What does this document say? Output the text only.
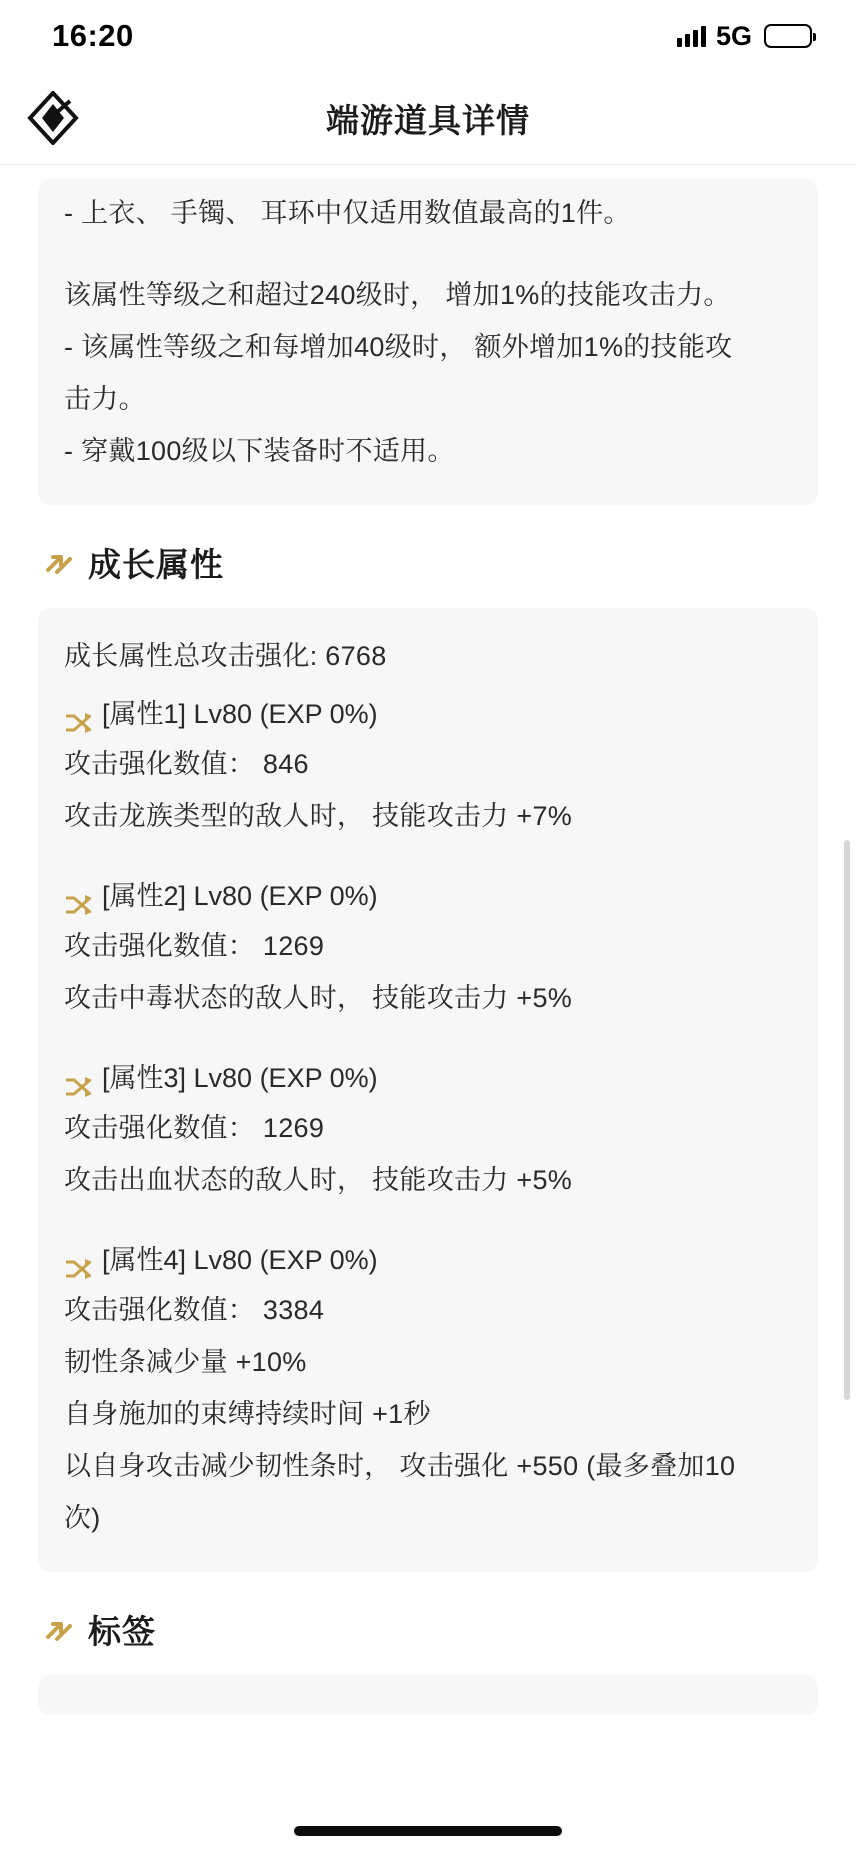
16:20	5G
端游道具详情
- 上衣、 手镯、 耳环中仅适用数值最高的1件。
该属性等级之和超过240级时， 增加1%的技能攻击力。
- 该属性等级之和每增加40级时， 额外增加1%的技能攻
击力。
- 穿戴100级以下装备时不适用。
成长属性
成长属性总攻击强化: 6768
[属性1] Lv80 (EXP 0%)
攻击强化数值： 846
攻击龙族类型的敌人时， 技能攻击力 +7%
[属性2] Lv80 (EXP 0%)
攻击强化数值： 1269
攻击中毒状态的敌人时， 技能攻击力 +5%
[属性3] Lv80 (EXP 0%)
攻击强化数值： 1269
攻击出血状态的敌人时， 技能攻击力 +5%
[属性4] Lv80 (EXP 0%)
攻击强化数值： 3384
韧性条减少量 +10%
自身施加的束缚持续时间 +1秒
以自身攻击减少韧性条时， 攻击强化 +550 (最多叠加10
次)
标签
